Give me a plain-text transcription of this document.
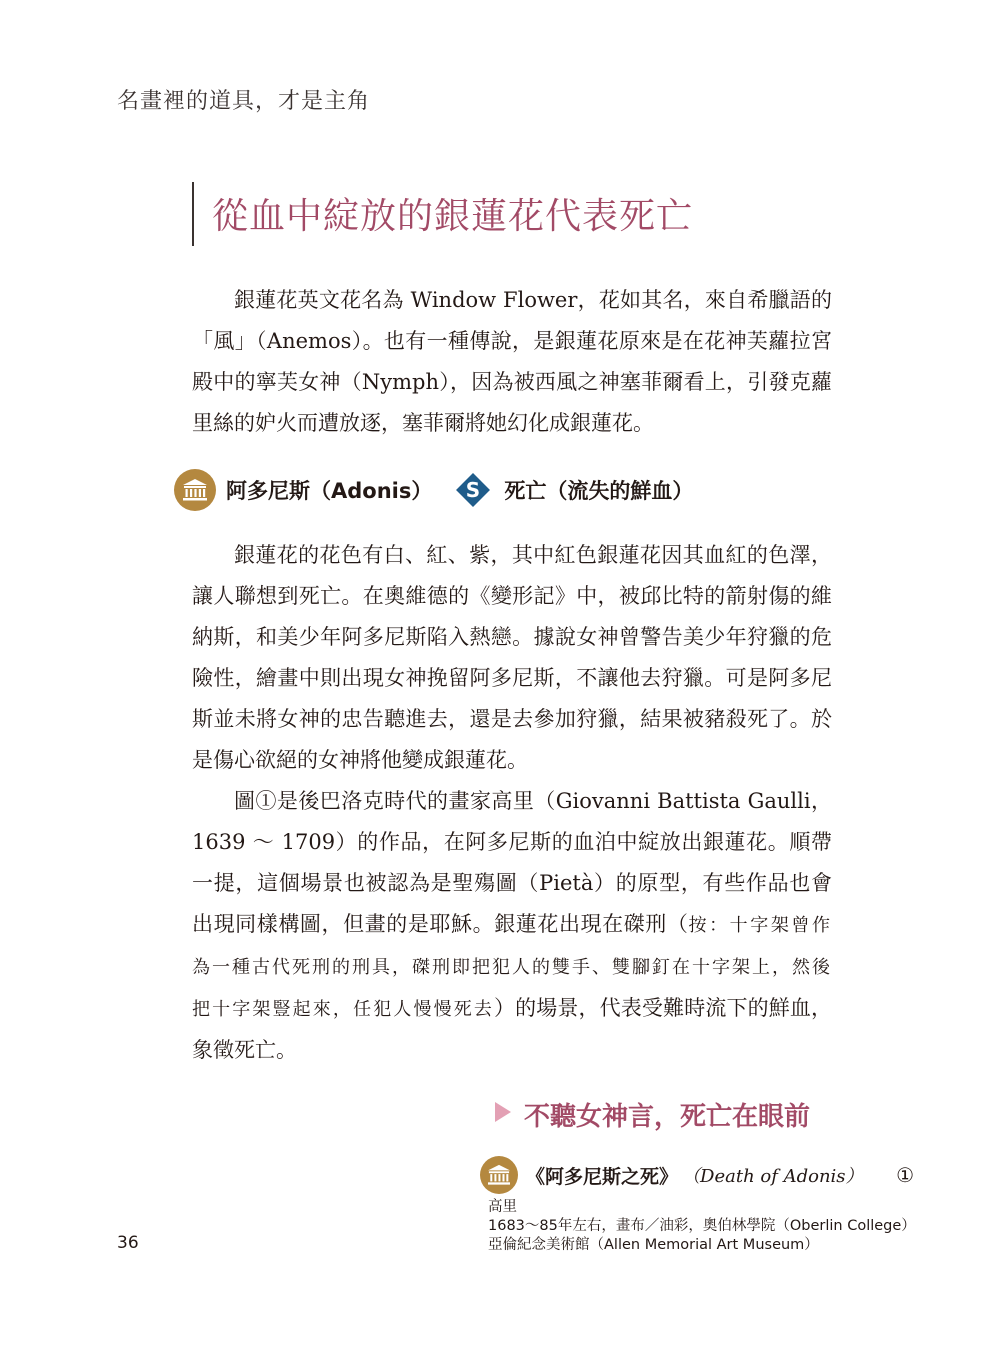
名畫裡的道具，才是主角
從血中綻放的銀蓮花代表死亡

銀蓮花英文花名為 Window Flower，花如其名，來自希臘語的「風」（Anemos）。也有一種傳說，是銀蓮花原來是在花神芙蘿拉宮殿中的寧芙女神（Nymph），因為被西風之神塞菲爾看上，引發克蘿里絲的妒火而遭放逐，塞菲爾將她幻化成銀蓮花。

阿多尼斯（Adonis） S 死亡（流失的鮮血）

銀蓮花的花色有白、紅、紫，其中紅色銀蓮花因其血紅的色澤，讓人聯想到死亡。在奧維德的《變形記》中，被邱比特的箭射傷的維納斯，和美少年阿多尼斯陷入熱戀。據說女神曾警告美少年狩獵的危險性，繪畫中則出現女神挽留阿多尼斯，不讓他去狩獵。可是阿多尼斯並未將女神的忠告聽進去，還是去參加狩獵，結果被豬殺死了。於是傷心欲絕的女神將他變成銀蓮花。

圖①是後巴洛克時代的畫家高里（Giovanni Battista Gaulli，1639 ～ 1709）的作品，在阿多尼斯的血泊中綻放出銀蓮花。順帶一提，這個場景也被認為是聖殤圖（Pietà）的原型，有些作品也會出現同樣構圖，但畫的是耶穌。銀蓮花出現在磔刑（按：十字架曾作為一種古代死刑的刑具，磔刑即把犯人的雙手、雙腳釘在十字架上，然後把十字架豎起來，任犯人慢慢死去）的場景，代表受難時流下的鮮血，象徵死亡。

不聽女神言，死亡在眼前
《阿多尼斯之死》 （Death of Adonis） ①
高里
1683～85年左右，畫布／油彩，奧伯林學院（Oberlin College）
亞倫紀念美術館（Allen Memorial Art Museum）
36
